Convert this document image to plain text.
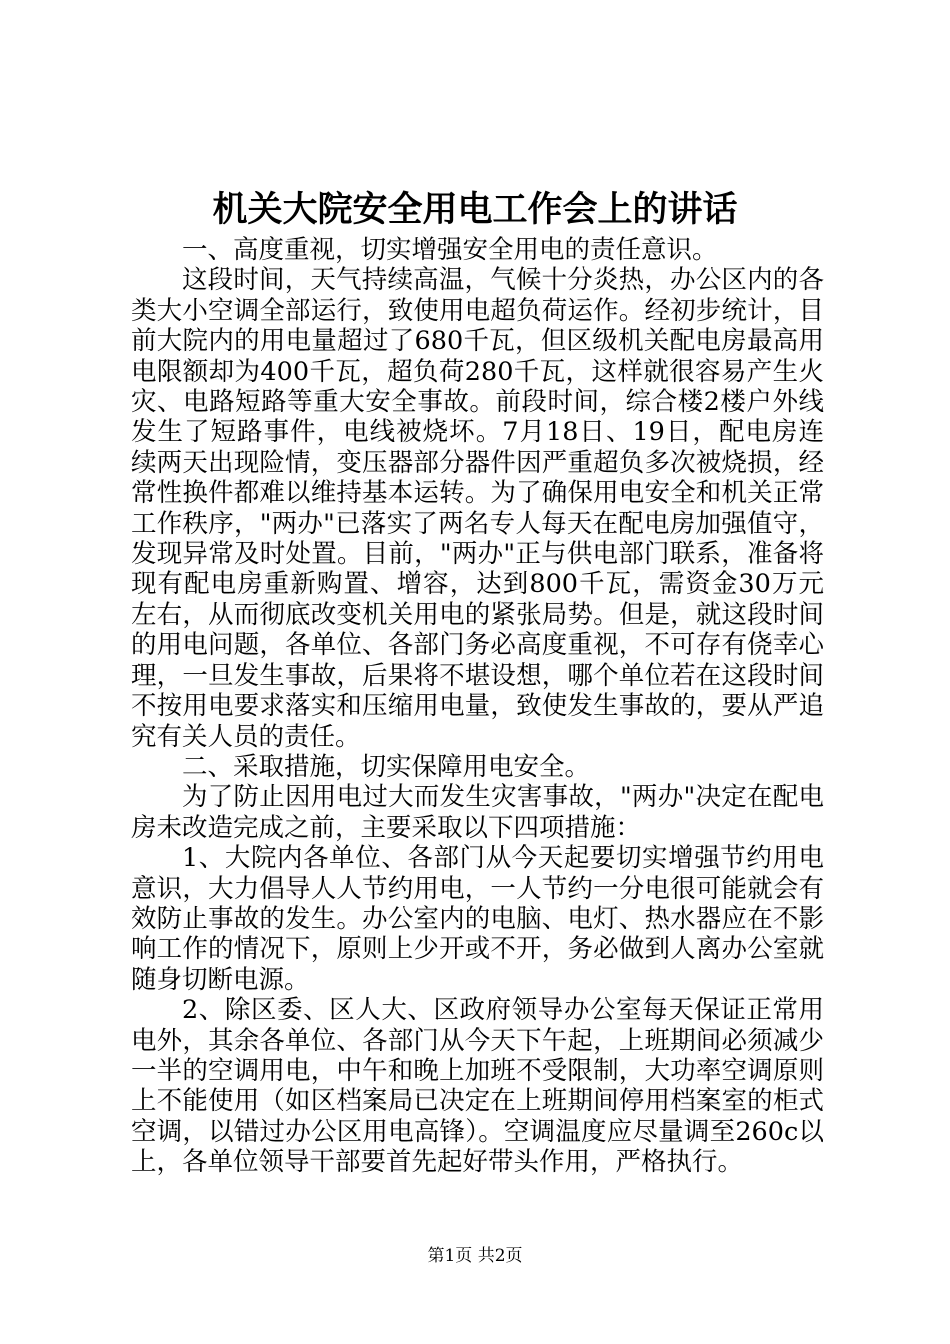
机关大院安全用电工作会上的讲话

一、高度重视，切实增强安全用电的责任意识。

这段时间，天气持续高温，气候十分炎热，办公区内的各类大小空调全部运行，致使用电超负荷运作。经初步统计，目前大院内的用电量超过了680千瓦，但区级机关配电房最高用电限额却为400千瓦，超负荷280千瓦，这样就很容易产生火灾、电路短路等重大安全事故。前段时间，综合楼2楼户外线发生了短路事件，电线被烧坏。7月18日、19日，配电房连续两天出现险情，变压器部分器件因严重超负多次被烧损，经常性换件都难以维持基本运转。为了确保用电安全和机关正常工作秩序，"两办"已落实了两名专人每天在配电房加强值守，发现异常及时处置。目前，"两办"正与供电部门联系，准备将现有配电房重新购置、增容，达到800千瓦，需资金30万元左右，从而彻底改变机关用电的紧张局势。但是，就这段时间的用电问题，各单位、各部门务必高度重视，不可存有侥幸心理，一旦发生事故，后果将不堪设想，哪个单位若在这段时间不按用电要求落实和压缩用电量，致使发生事故的，要从严追究有关人员的责任。

二、采取措施，切实保障用电安全。

为了防止因用电过大而发生灾害事故，"两办"决定在配电房未改造完成之前，主要采取以下四项措施：

1、大院内各单位、各部门从今天起要切实增强节约用电意识，大力倡导人人节约用电，一人节约一分电很可能就会有效防止事故的发生。办公室内的电脑、电灯、热水器应在不影响工作的情况下，原则上少开或不开，务必做到人离办公室就随身切断电源。

2、除区委、区人大、区政府领导办公室每天保证正常用电外，其余各单位、各部门从今天下午起，上班期间必须减少一半的空调用电，中午和晚上加班不受限制，大功率空调原则上不能使用（如区档案局已决定在上班期间停用档案室的柜式空调，以错过办公区用电高锋）。空调温度应尽量调至260c以上，各单位领导干部要首先起好带头作用，严格执行。

第1页 共2页
